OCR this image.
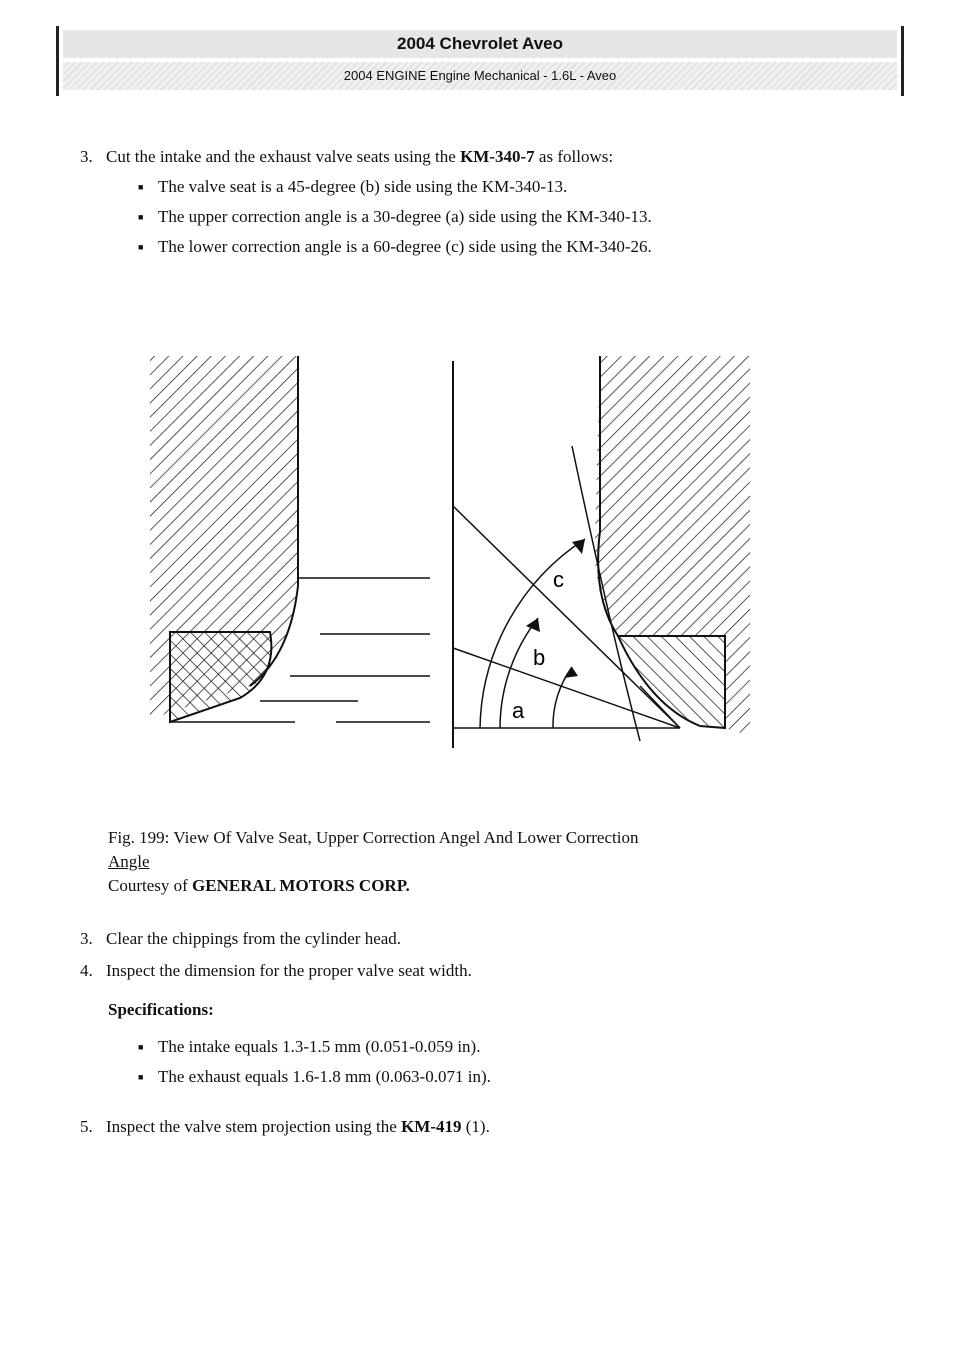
2004 Chevrolet Aveo
2004 ENGINE Engine Mechanical - 1.6L - Aveo
3. Cut the intake and the exhaust valve seats using the KM-340-7 as follows:
■ The valve seat is a 45-degree (b) side using the KM-340-13.
■ The upper correction angle is a 30-degree (a) side using the KM-340-13.
■ The lower correction angle is a 60-degree (c) side using the KM-340-26.
a
b
c
Fig. 199: View Of Valve Seat, Upper Correction Angel And Lower Correction
Angle
Courtesy of GENERAL MOTORS CORP.
3. Clear the chippings from the cylinder head.
4. Inspect the dimension for the proper valve seat width.
Specifications:
■ The intake equals 1.3-1.5 mm (0.051-0.059 in).
■ The exhaust equals 1.6-1.8 mm (0.063-0.071 in).
5. Inspect the valve stem projection using the KM-419 (1).
